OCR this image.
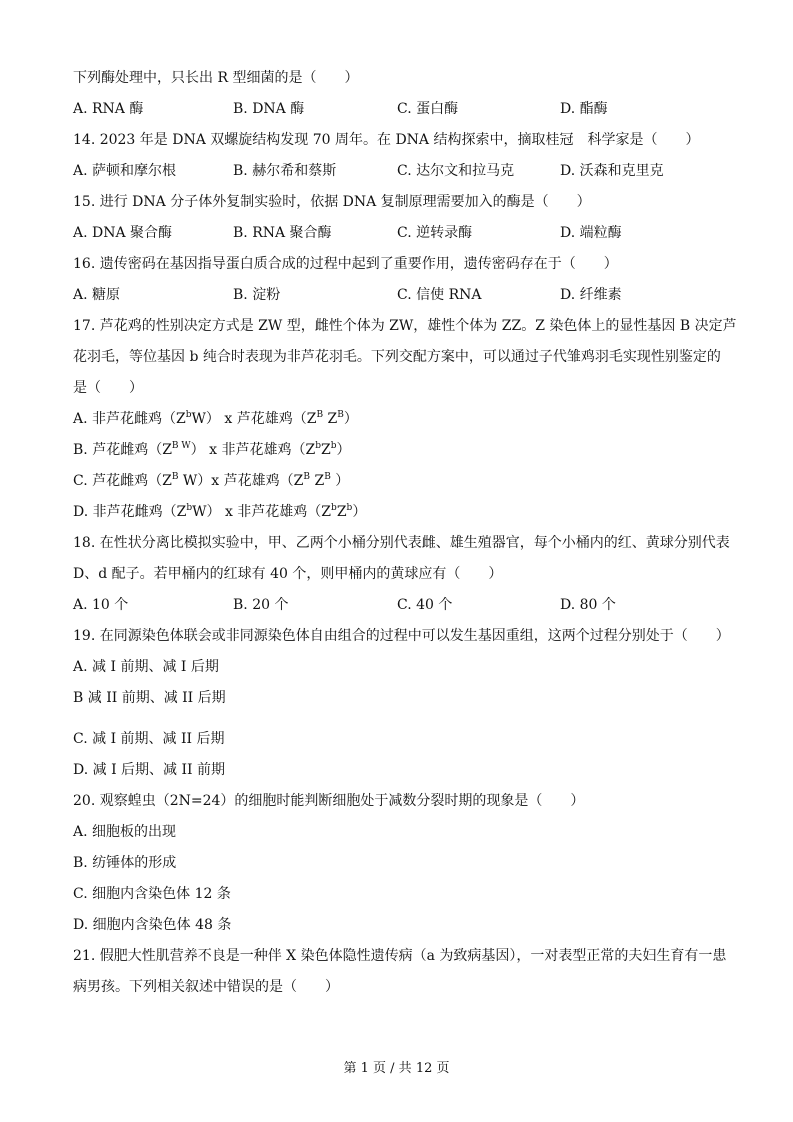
下列酶处理中，只长出 R 型细菌的是（　　）
A. RNA 酶	B. DNA 酶	C. 蛋白酶	D. 酯酶
14. 2023 年是 DNA 双螺旋结构发现 70 周年。在 DNA 结构探索中，摘取桂冠　科学家是（　　）
A. 萨顿和摩尔根	B. 赫尔希和蔡斯	C. 达尔文和拉马克	D. 沃森和克里克
15. 进行 DNA 分子体外复制实验时，依据 DNA 复制原理需要加入的酶是（　　）
A. DNA 聚合酶	B. RNA 聚合酶	C. 逆转录酶	D. 端粒酶
16. 遗传密码在基因指导蛋白质合成的过程中起到了重要作用，遗传密码存在于（　　）
A. 糖原	B. 淀粉	C. 信使 RNA	D. 纤维素
17. 芦花鸡的性别决定方式是 ZW 型，雌性个体为 ZW，雄性个体为 ZZ。Z 染色体上的显性基因 B 决定芦
花羽毛，等位基因 b 纯合时表现为非芦花羽毛。下列交配方案中，可以通过子代雏鸡羽毛实现性别鉴定的
是（　　）
A. 非芦花雌鸡$(Z^bW)$ x 芦花雄鸡（$Z^B$ $Z^B$）
B. 芦花雌鸡$(Z^{B W})$ x 非芦花雄鸡$(Z^bZ^b)$
C. 芦花雌鸡（$Z^B$ W）x 芦花雄鸡（$Z^B$ $Z^B$ ）
D. 非芦花雌鸡$(Z^bW)$ x 非芦花雄鸡$(Z^bZ^b)$
18. 在性状分离比模拟实验中，甲、乙两个小桶分别代表雌、雄生殖器官，每个小桶内的红、黄球分别代表
D、d 配子。若甲桶内的红球有 40 个，则甲桶内的黄球应有（　　）
A. 10 个	B. 20 个	C. 40 个	D. 80 个
19. 在同源染色体联会或非同源染色体自由组合的过程中可以发生基因重组，这两个过程分别处于（　　）
A. 减 I 前期、减 I 后期
B 减 II 前期、减 II 后期
C. 减 I 前期、减 II 后期
D. 减 I 后期、减 II 前期
20. 观察蝗虫（2N=24）的细胞时能判断细胞处于减数分裂时期的现象是（　　）
A. 细胞板的出现
B. 纺锤体的形成
C. 细胞内含染色体 12 条
D. 细胞内含染色体 48 条
21. 假肥大性肌营养不良是一种伴 X 染色体隐性遗传病（a 为致病基因），一对表型正常的夫妇生育有一患
病男孩。下列相关叙述中错误的是（　　）
第 1 页 / 共 12 页
